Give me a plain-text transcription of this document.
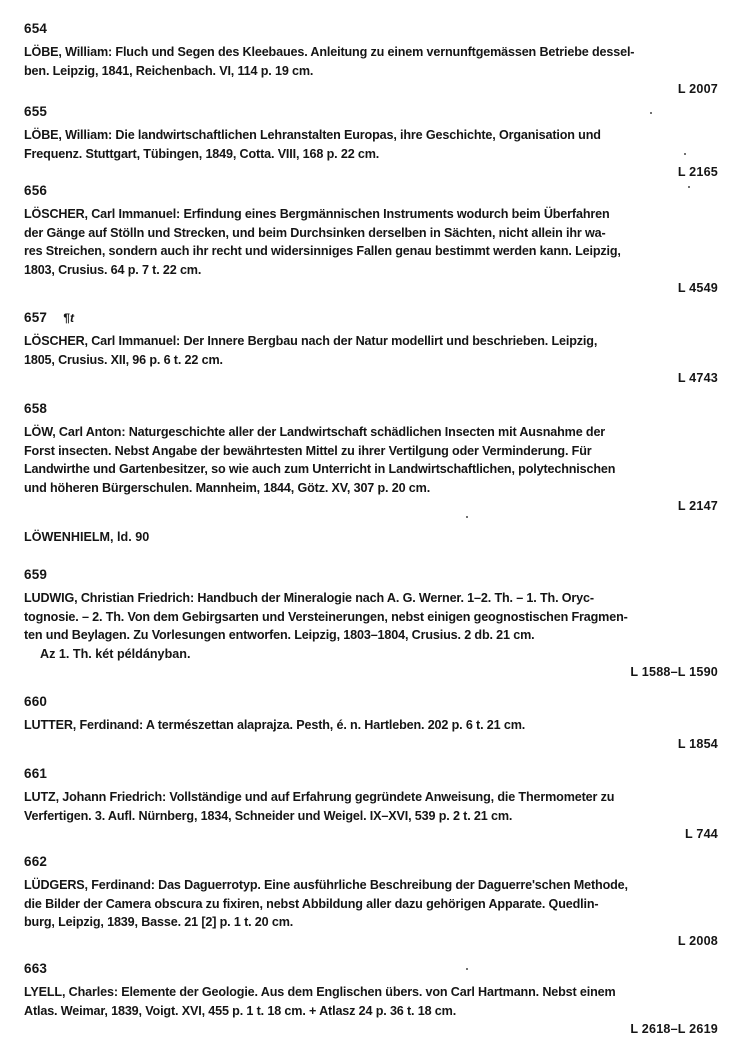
654
LÖBE, William: Fluch und Segen des Kleebaues. Anleitung zu einem vernunftgemässen Betriebe dessel-
ben. Leipzig, 1841, Reichenbach. VI, 114 p. 19 cm.
L 2007
655
LÖBE, William: Die landwirtschaftlichen Lehranstalten Europas, ihre Geschichte, Organisation und
Frequenz. Stuttgart, Tübingen, 1849, Cotta. VIII, 168 p. 22 cm.
L 2165
656
LÖSCHER, Carl Immanuel: Erfindung eines Bergmännischen Instruments wodurch beim Überfahren
der Gänge auf Stölln und Strecken, und beim Durchsinken derselben in Sächten, nicht allein ihr wa-
res Streichen, sondern auch ihr recht und widersinniges Fallen genau bestimmt werden kann. Leipzig,
1803, Crusius. 64 p. 7 t. 22 cm.
L 4549
657 ¶t
LÖSCHER, Carl Immanuel: Der Innere Bergbau nach der Natur modellirt und beschrieben. Leipzig,
1805, Crusius. XII, 96 p. 6 t. 22 cm.
L 4743
658
LÖW, Carl Anton: Naturgeschichte aller der Landwirtschaft schädlichen Insecten mit Ausnahme der
Forst insecten. Nebst Angabe der bewährtesten Mittel zu ihrer Vertilgung oder Verminderung. Für
Landwirthe und Gartenbesitzer, so wie auch zum Unterricht in Landwirtschaftlichen, polytechnischen
und höheren Bürgerschulen. Mannheim, 1844, Götz. XV, 307 p. 20 cm.
L 2147
LÖWENHIELM, ld. 90
659
LUDWIG, Christian Friedrich: Handbuch der Mineralogie nach A. G. Werner. 1–2. Th. – 1. Th. Oryc-
tognosie. – 2. Th. Von dem Gebirgsarten und Versteinerungen, nebst einigen geognostischen Fragmen-
ten und Beylagen. Zu Vorlesungen entworfen. Leipzig, 1803–1804, Crusius. 2 db. 21 cm.
Az 1. Th. két példányban.
L 1588–L 1590
660
LUTTER, Ferdinand: A természettan alaprajza. Pesth, é. n. Hartleben. 202 p. 6 t. 21 cm.
L 1854
661
LUTZ, Johann Friedrich: Vollständige und auf Erfahrung gegründete Anweisung, die Thermometer zu
Verfertigen. 3. Aufl. Nürnberg, 1834, Schneider und Weigel. IX–XVI, 539 p. 2 t. 21 cm.
L 744
662
LÜDGERS, Ferdinand: Das Daguerrotyp. Eine ausführliche Beschreibung der Daguerre'schen Methode,
die Bilder der Camera obscura zu fixiren, nebst Abbildung aller dazu gehörigen Apparate. Quedlin-
burg, Leipzig, 1839, Basse. 21 [2] p. 1 t. 20 cm.
L 2008
663
LYELL, Charles: Elemente der Geologie. Aus dem Englischen übers. von Carl Hartmann. Nebst einem
Atlas. Weimar, 1839, Voigt. XVI, 455 p. 1 t. 18 cm. + Atlasz 24 p. 36 t. 18 cm.
L 2618–L 2619
